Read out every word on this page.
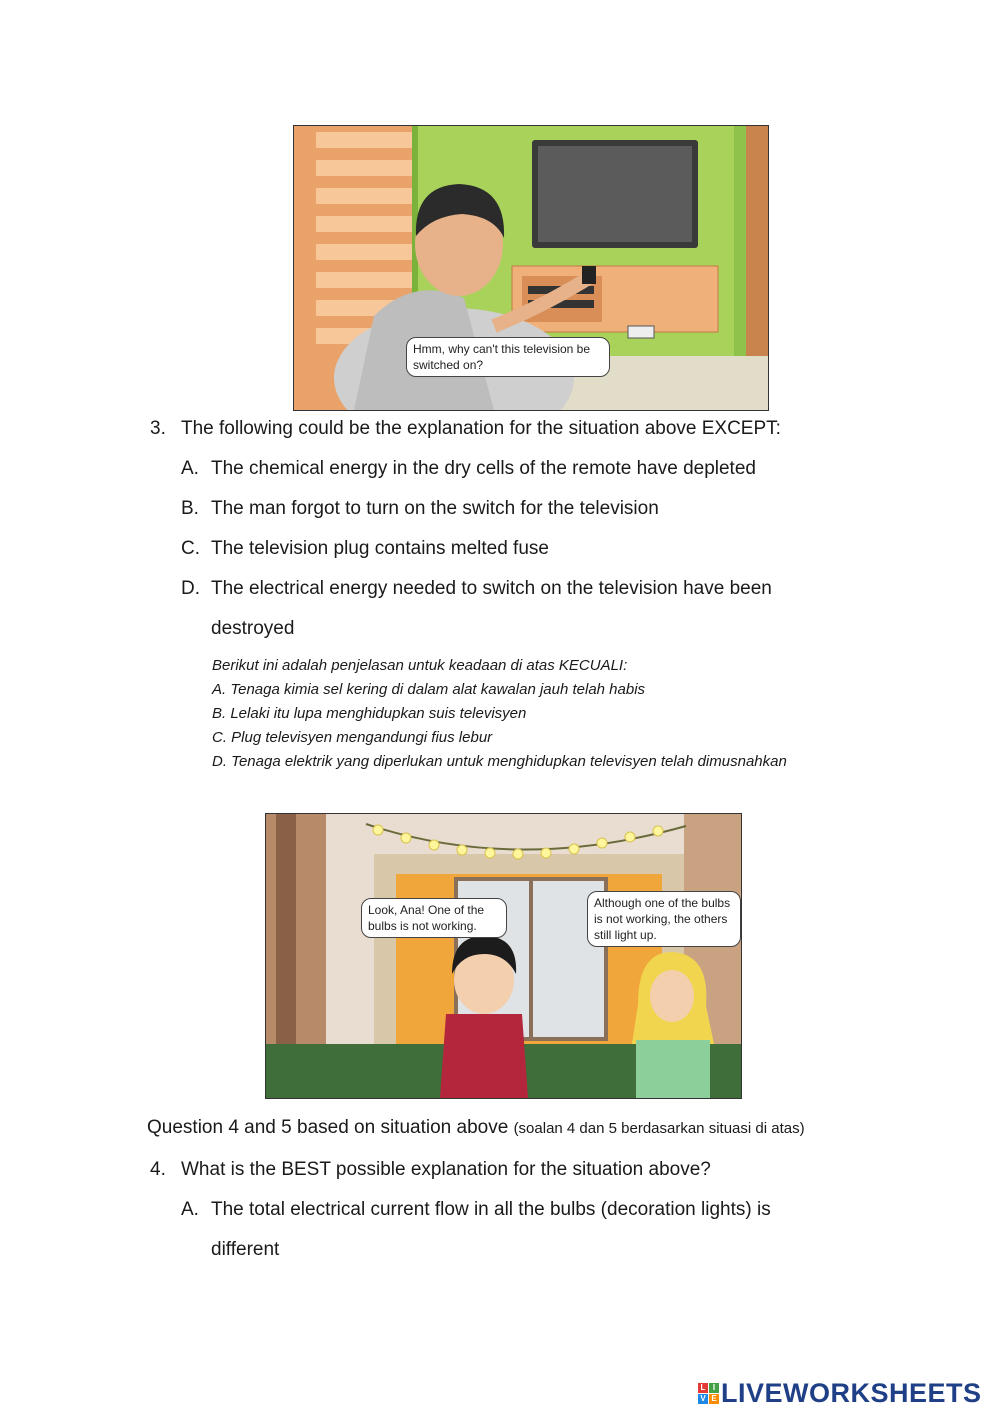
Hmm, why can't this television be switched on?
3. The following could be the explanation for the situation above EXCEPT:
A. The chemical energy in the dry cells of the remote have depleted
B. The man forgot to turn on the switch for the television
C. The television plug contains melted fuse
D. The electrical energy needed to switch on the television have been
destroyed
Berikut ini adalah penjelasan untuk keadaan di atas KECUALI:
A. Tenaga kimia sel kering di dalam alat kawalan jauh telah habis
B. Lelaki itu lupa menghidupkan suis televisyen
C. Plug televisyen mengandungi fius lebur
D. Tenaga elektrik yang diperlukan untuk menghidupkan televisyen telah dimusnahkan
Look, Ana! One of the bulbs is not working.
Although one of the bulbs is not working, the others still light up.
Question 4 and 5 based on situation above (soalan 4 dan 5 berdasarkan situasi di atas)
4. What is the BEST possible explanation for the situation above?
A. The total electrical current flow in all the bulbs (decoration lights) is
different
L I
V E LIVEWORKSHEETS
